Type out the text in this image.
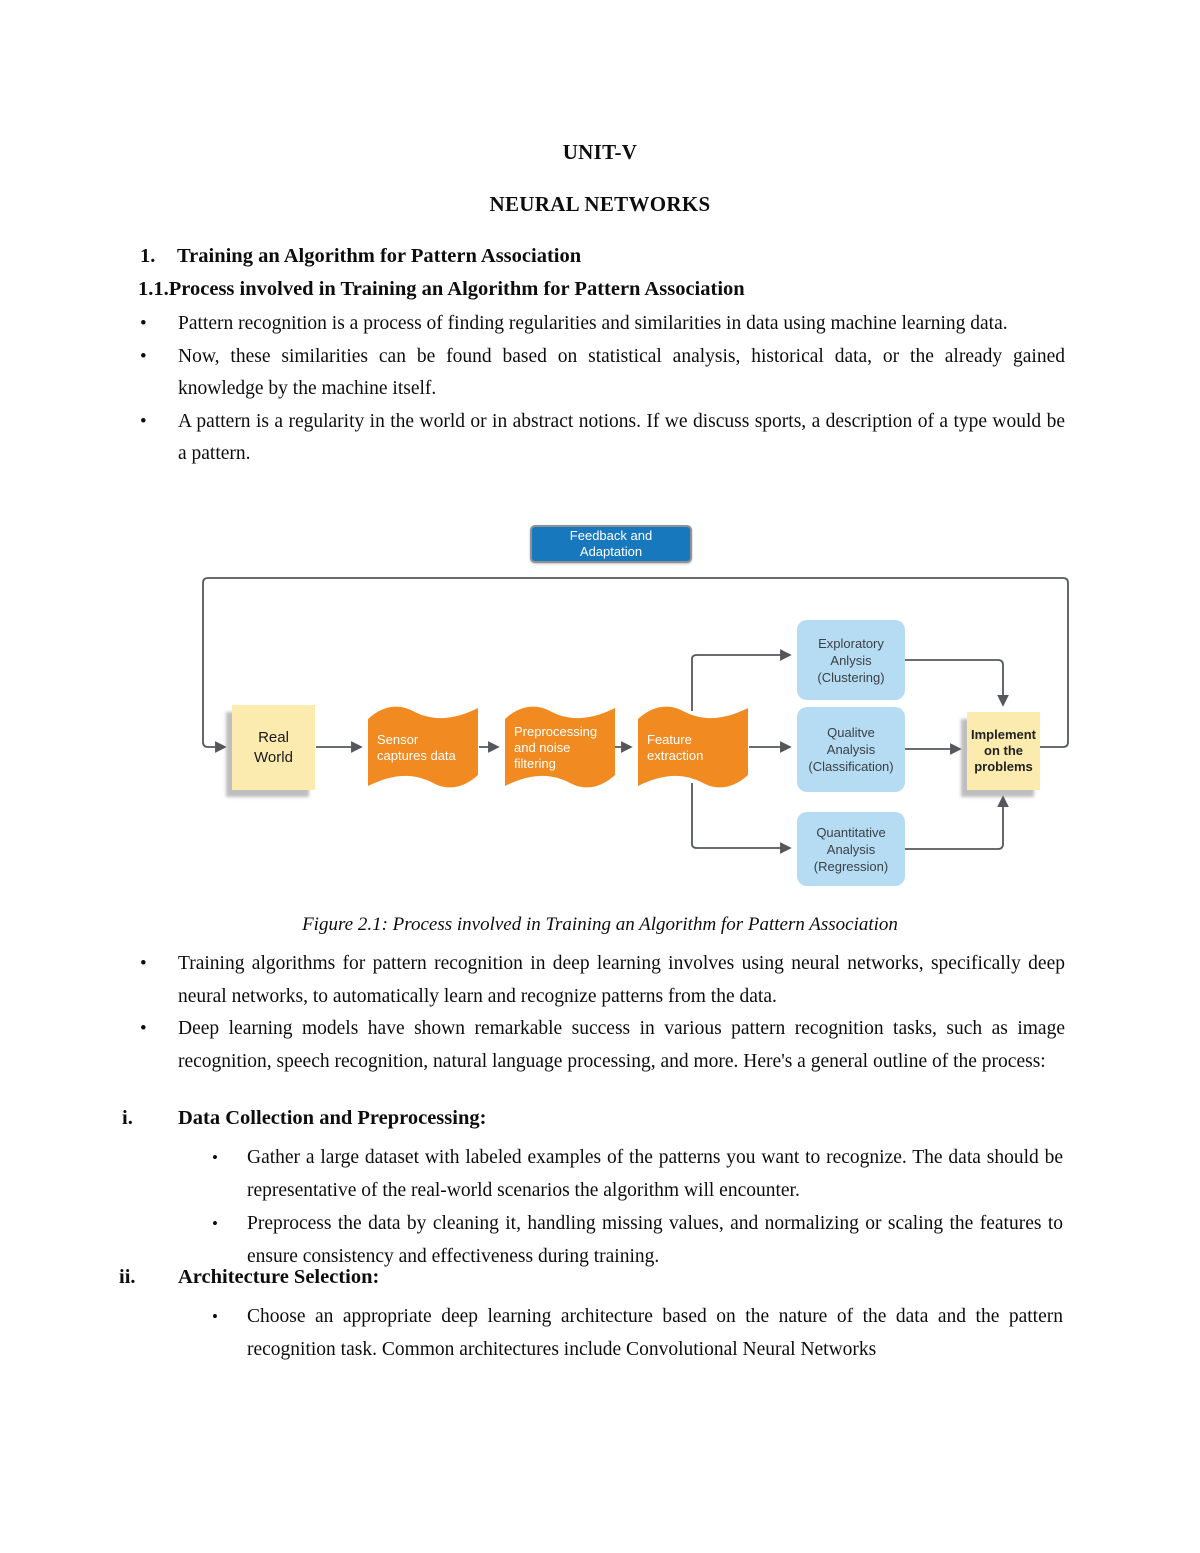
UNIT-V
NEURAL NETWORKS
1.	Training an Algorithm for Pattern Association
1.1.Process involved in Training an Algorithm for Pattern Association
•	Pattern recognition is a process of finding regularities and similarities in data using machine learning data.
•	Now, these similarities can be found based on statistical analysis, historical data, or the already gained knowledge by the machine itself.
•	A pattern is a regularity in the world or in abstract notions. If we discuss sports, a description of a type would be a pattern.
Feedback and
Adaptation
Real
World
Sensor
captures data
Preprocessing
and noise
filtering
Feature
extraction
Exploratory
Anlysis
(Clustering)
Qualitve
Analysis
(Classification)
Quantitative
Analysis
(Regression)
Implement
on the
problems
Figure 2.1: Process involved in Training an Algorithm for Pattern Association
•	Training algorithms for pattern recognition in deep learning involves using neural networks, specifically deep neural networks, to automatically learn and recognize patterns from the data.
•	Deep learning models have shown remarkable success in various pattern recognition tasks, such as image recognition, speech recognition, natural language processing, and more. Here's a general outline of the process:
i.	Data Collection and Preprocessing:
•	Gather a large dataset with labeled examples of the patterns you want to recognize. The data should be representative of the real-world scenarios the algorithm will encounter.
•	Preprocess the data by cleaning it, handling missing values, and normalizing or scaling the features to ensure consistency and effectiveness during training.
ii.	Architecture Selection:
•	Choose an appropriate deep learning architecture based on the nature of the data and the pattern recognition task. Common architectures include Convolutional Neural Networks
